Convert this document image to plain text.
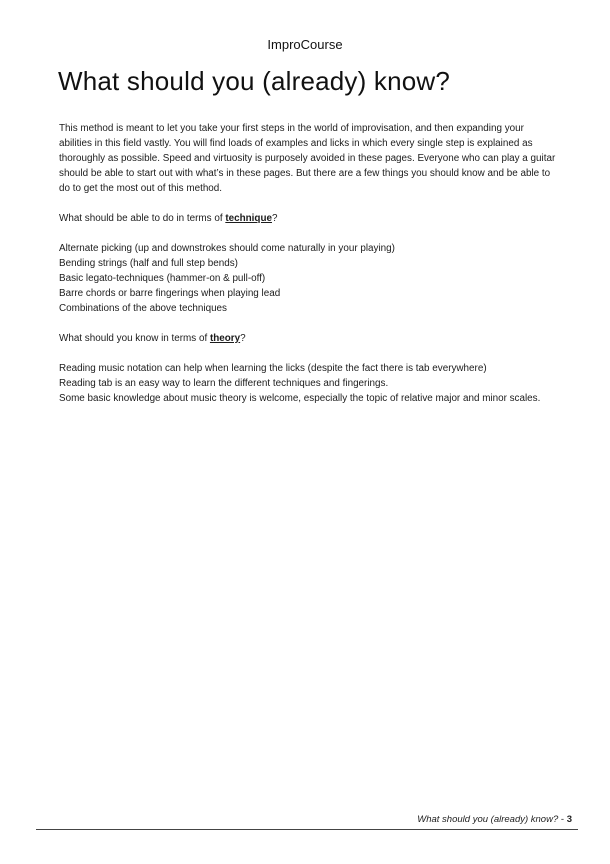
ImproCourse
What should you (already) know?

This method is meant to let you take your first steps in the world of improvisation, and then expanding your abilities in this field vastly. You will find loads of examples and licks in which every single step is explained as thoroughly as possible. Speed and virtuosity is purposely avoided in these pages. Everyone who can play a guitar should be able to start out with what’s in these pages. But there are a few things you should know and be able to do to get the most out of this method.

What should be able to do in terms of technique?

Alternate picking (up and downstrokes should come naturally in your playing)
Bending strings (half and full step bends)
Basic legato-techniques (hammer-on & pull-off)
Barre chords or barre fingerings when playing lead
Combinations of the above techniques

What should you know in terms of theory?

Reading music notation can help when learning the licks (despite the fact there is tab everywhere)
Reading tab is an easy way to learn the different techniques and fingerings.
Some basic knowledge about music theory is welcome, especially the topic of relative major and minor scales.
What should you (already) know? - 3
